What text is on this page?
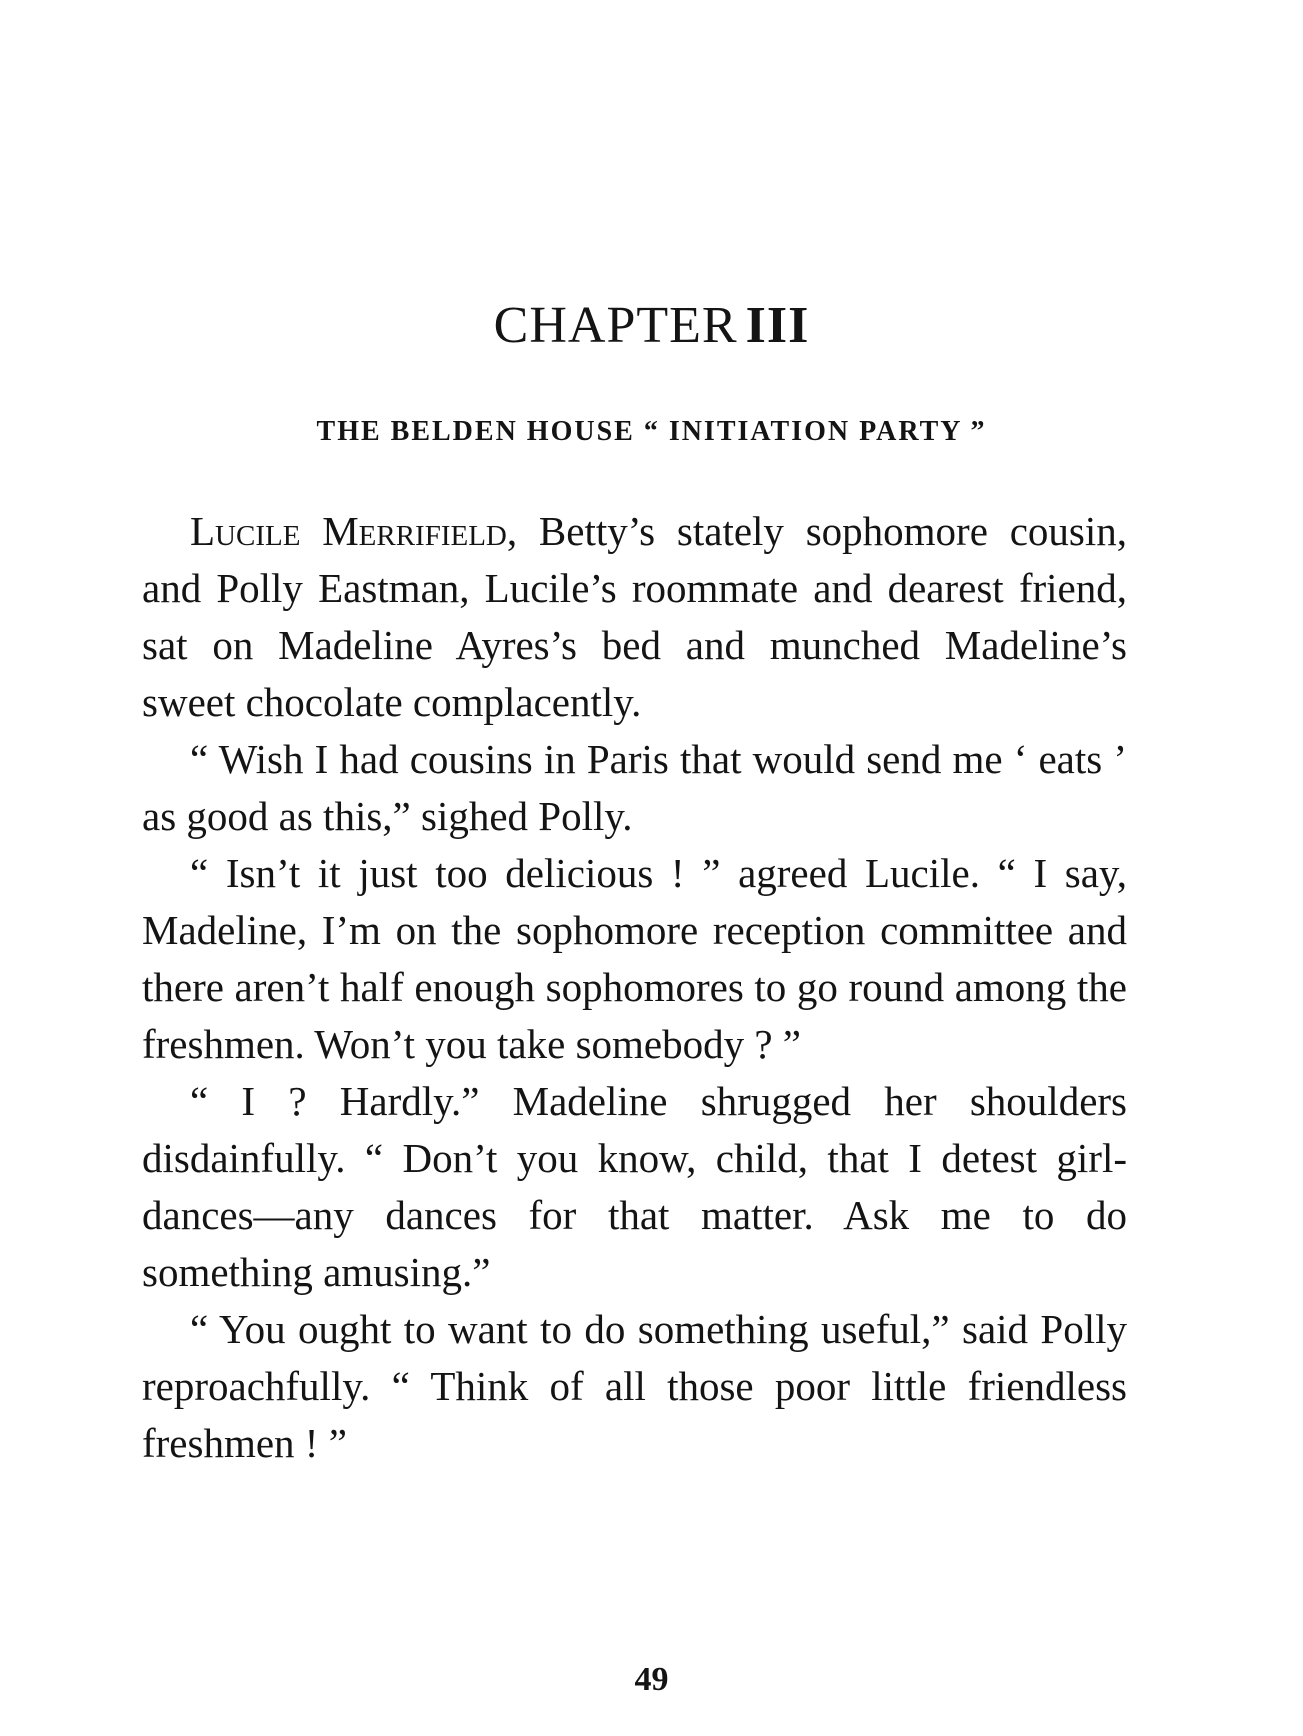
CHAPTER III
THE BELDEN HOUSE “ INITIATION PARTY ”

Lucile Merrifield, Betty’s stately sophomore cousin, and Polly Eastman, Lucile’s roommate and dearest friend, sat on Madeline Ayres’s bed and munched Madeline’s sweet chocolate complacently.

“ Wish I had cousins in Paris that would send me ‘ eats ’ as good as this,” sighed Polly.

“ Isn’t it just too delicious ! ” agreed Lucile. “ I say, Madeline, I’m on the sophomore reception committee and there aren’t half enough sophomores to go round among the freshmen. Won’t you take somebody ? ”

“ I ? Hardly.” Madeline shrugged her shoulders disdainfully. “ Don’t you know, child, that I detest girl-dances—any dances for that matter. Ask me to do something amusing.”

“ You ought to want to do something useful,” said Polly reproachfully. “ Think of all those poor little friendless freshmen ! ”

49
